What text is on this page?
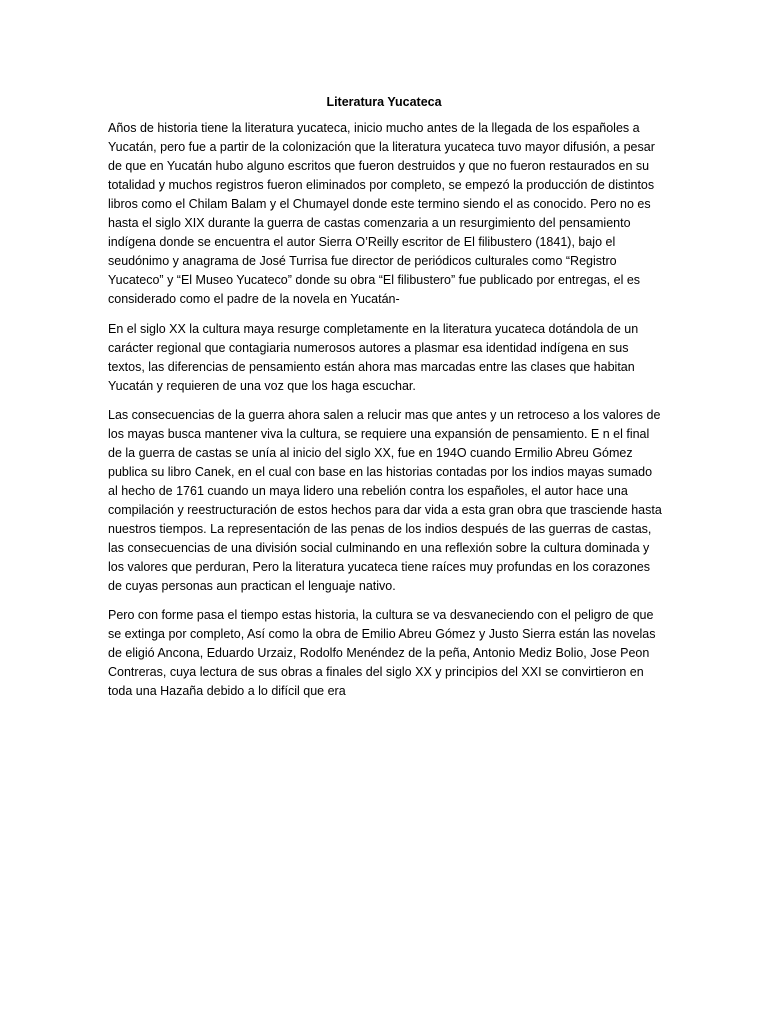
Literatura Yucateca

Años de historia tiene la literatura yucateca, inicio mucho antes de la llegada de los españoles a Yucatán, pero fue a partir de la colonización que la literatura yucateca tuvo mayor difusión, a pesar de que en Yucatán hubo alguno escritos que fueron destruidos y que no fueron restaurados en su totalidad y muchos registros fueron eliminados por completo, se empezó la producción de distintos libros como el Chilam Balam y el Chumayel donde este termino siendo el as conocido. Pero no es hasta el siglo XIX durante la guerra de castas comenzaria a un resurgimiento del pensamiento indígena donde se encuentra el autor Sierra O’Reilly escritor de El filibustero (1841), bajo el seudónimo y anagrama de José Turrisa fue director de periódicos culturales como “Registro Yucateco” y “El Museo Yucateco” donde su obra “El filibustero” fue publicado por entregas, el es considerado como el padre de la novela en Yucatán-

En el siglo XX la cultura maya resurge completamente en la literatura yucateca dotándola de un carácter regional que contagiaria numerosos autores a plasmar esa identidad indígena en sus textos, las diferencias de pensamiento están ahora mas marcadas entre las clases que habitan Yucatán y requieren de una voz que los haga escuchar.

Las consecuencias de la guerra ahora salen a relucir mas que antes y un retroceso a los valores de los mayas busca mantener viva la cultura, se requiere una expansión de pensamiento. E n el final de la guerra de castas se unía al inicio del siglo XX, fue en 194O cuando Ermilio Abreu Gómez publica su libro Canek, en el cual con base en las historias contadas por los indios mayas sumado al hecho de 1761 cuando un maya lidero una rebelión contra los españoles, el autor hace una compilación y reestructuración de estos hechos para dar vida a esta gran obra que trasciende hasta nuestros tiempos. La representación de las penas de los indios después de las guerras de castas, las consecuencias de una división social culminando en una reflexión sobre la cultura dominada y los valores que perduran, Pero la literatura yucateca tiene raíces muy profundas en los corazones de cuyas personas aun practican el lenguaje nativo.

Pero con forme pasa el tiempo estas historia, la cultura se va desvaneciendo con el peligro de que se extinga por completo, Así como la obra de Emilio Abreu Gómez y Justo Sierra están las novelas de eligió Ancona, Eduardo Urzaiz, Rodolfo Menéndez de la peña, Antonio Mediz Bolio, Jose Peon Contreras, cuya lectura de sus obras a finales del siglo XX y principios del XXI se convirtieron en toda una Hazaña debido a lo difícil que era
